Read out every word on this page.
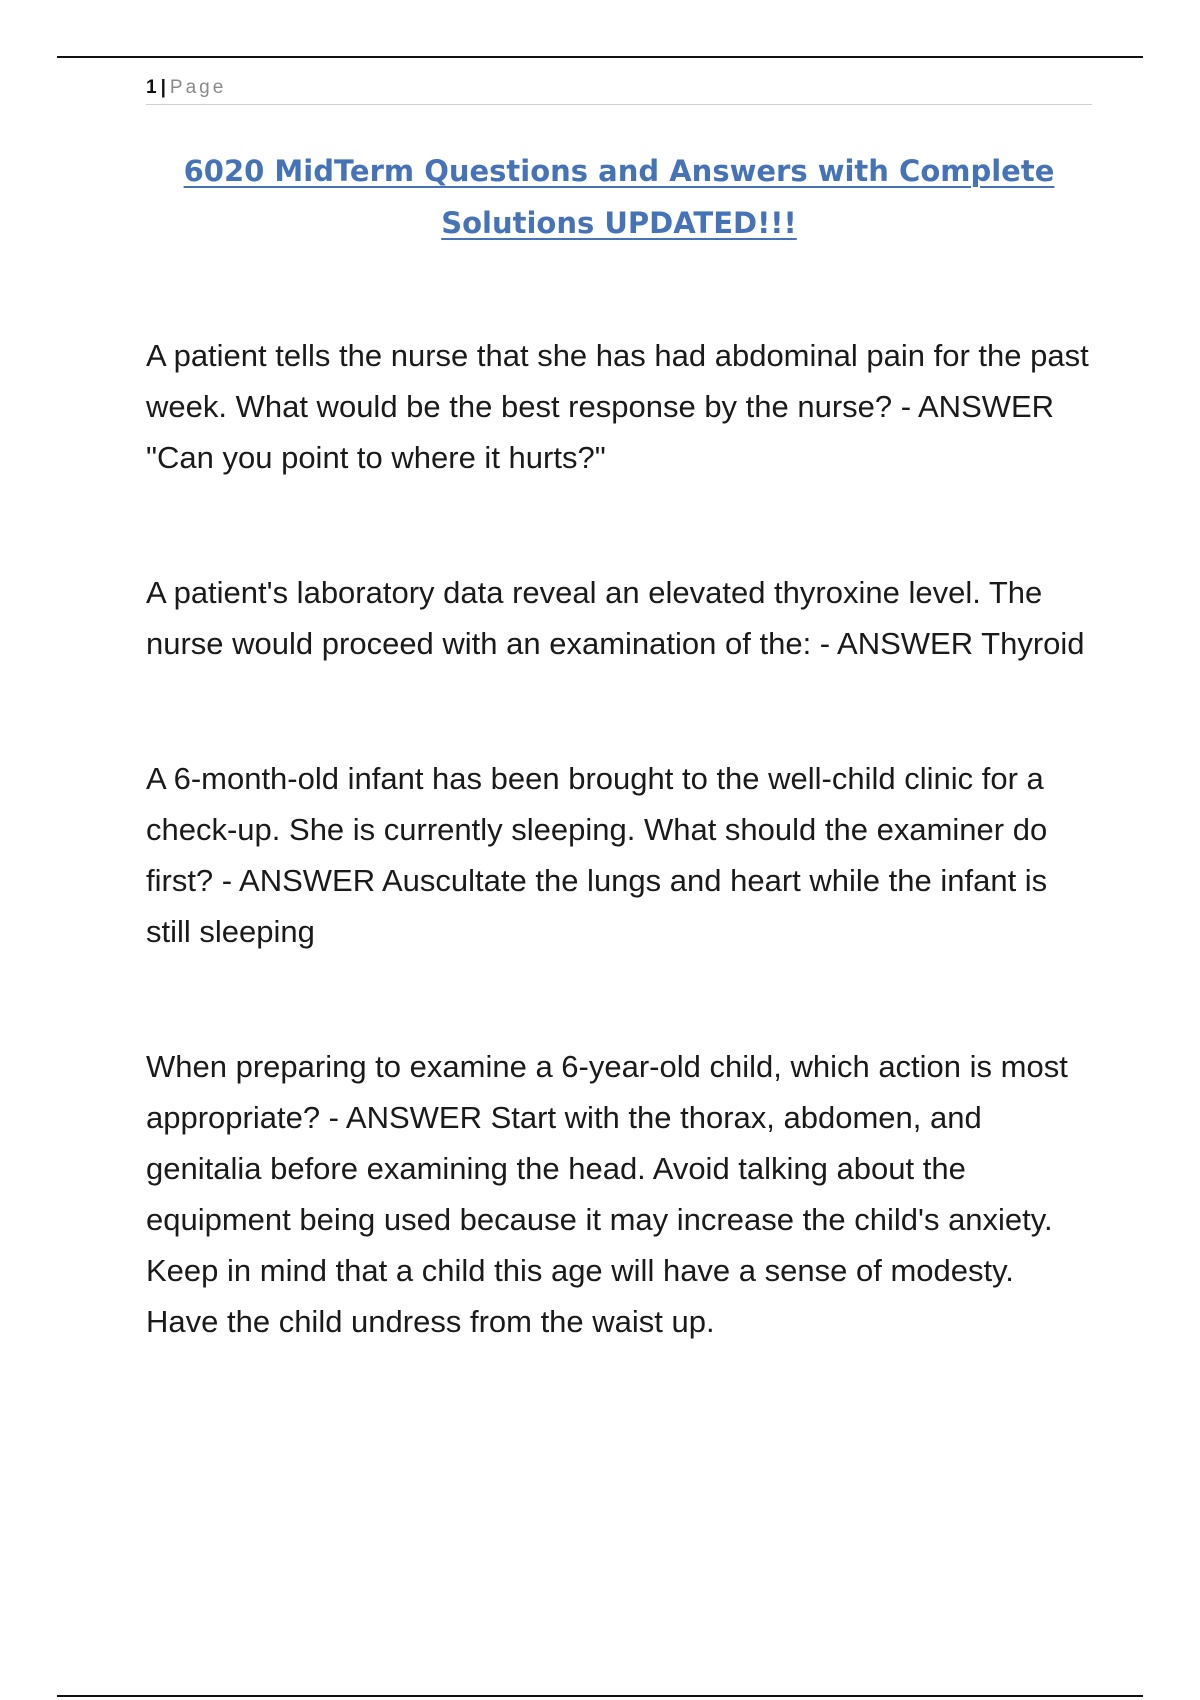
1 | Page
6020 MidTerm Questions and Answers with Complete Solutions UPDATED!!!

A patient tells the nurse that she has had abdominal pain for the past week. What would be the best response by the nurse? - ANSWER "Can you point to where it hurts?"

A patient's laboratory data reveal an elevated thyroxine level. The nurse would proceed with an examination of the: - ANSWER Thyroid

A 6-month-old infant has been brought to the well-child clinic for a check-up. She is currently sleeping. What should the examiner do first? - ANSWER Auscultate the lungs and heart while the infant is still sleeping

When preparing to examine a 6-year-old child, which action is most appropriate? - ANSWER Start with the thorax, abdomen, and genitalia before examining the head. Avoid talking about the equipment being used because it may increase the child's anxiety. Keep in mind that a child this age will have a sense of modesty. Have the child undress from the waist up.
